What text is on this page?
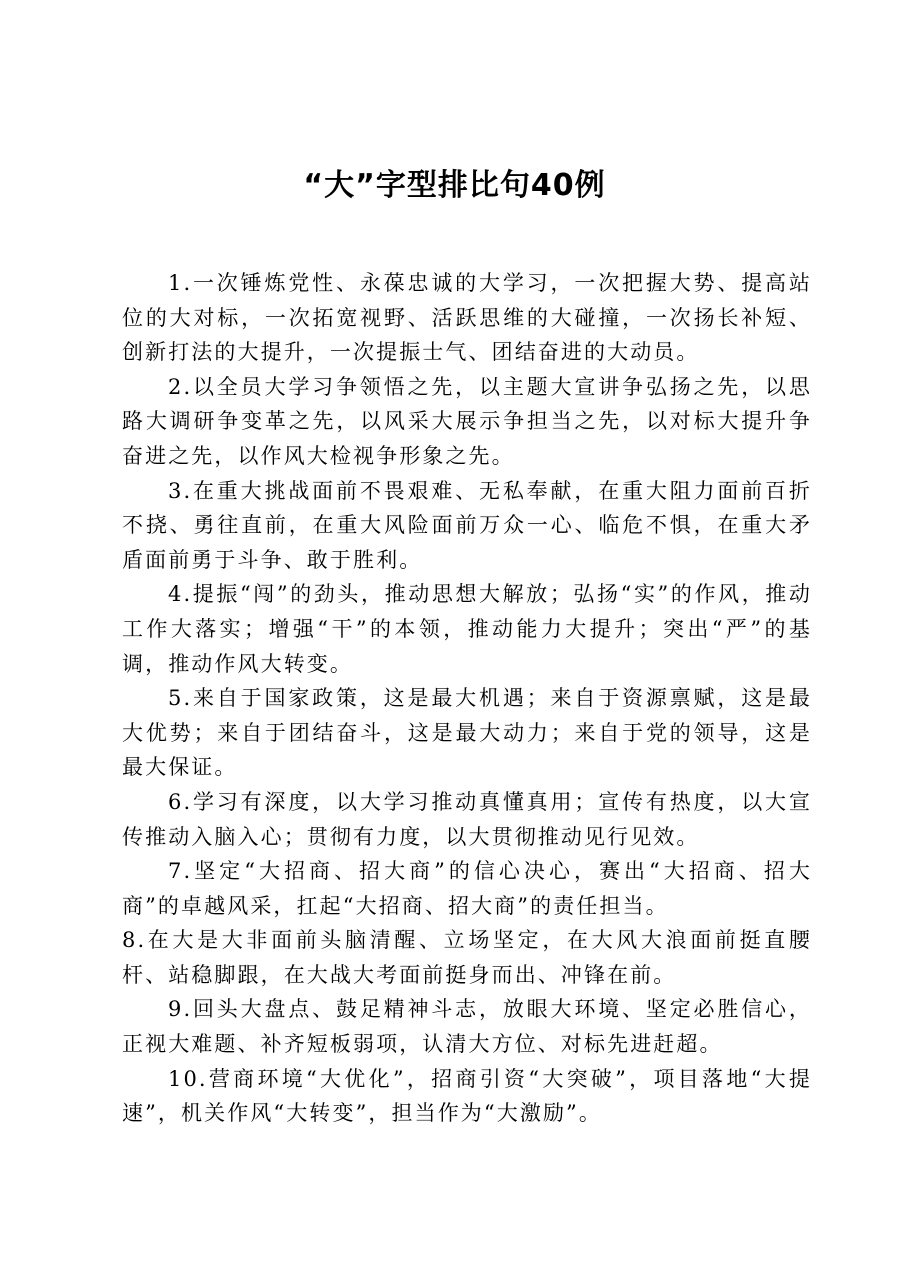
“大”字型排比句40例

1.一次锤炼党性、永葆忠诚的大学习，一次把握大势、提高站位的大对标，一次拓宽视野、活跃思维的大碰撞，一次扬长补短、创新打法的大提升，一次提振士气、团结奋进的大动员。

2.以全员大学习争领悟之先，以主题大宣讲争弘扬之先，以思路大调研争变革之先，以风采大展示争担当之先，以对标大提升争奋进之先，以作风大检视争形象之先。

3.在重大挑战面前不畏艰难、无私奉献，在重大阻力面前百折不挠、勇往直前，在重大风险面前万众一心、临危不惧，在重大矛盾面前勇于斗争、敢于胜利。

4.提振“闯”的劲头，推动思想大解放；弘扬“实”的作风，推动工作大落实；增强“干”的本领，推动能力大提升；突出“严”的基调，推动作风大转变。

5.来自于国家政策，这是最大机遇；来自于资源禀赋，这是最大优势；来自于团结奋斗，这是最大动力；来自于党的领导，这是最大保证。

6.学习有深度，以大学习推动真懂真用；宣传有热度，以大宣传推动入脑入心；贯彻有力度，以大贯彻推动见行见效。

7.坚定“大招商、招大商”的信心决心，赛出“大招商、招大商”的卓越风采，扛起“大招商、招大商”的责任担当。

8.在大是大非面前头脑清醒、立场坚定，在大风大浪面前挺直腰杆、站稳脚跟，在大战大考面前挺身而出、冲锋在前。

9.回头大盘点、鼓足精神斗志，放眼大环境、坚定必胜信心，正视大难题、补齐短板弱项，认清大方位、对标先进赶超。

10.营商环境“大优化”，招商引资“大突破”，项目落地“大提速”，机关作风“大转变”，担当作为“大激励”。
